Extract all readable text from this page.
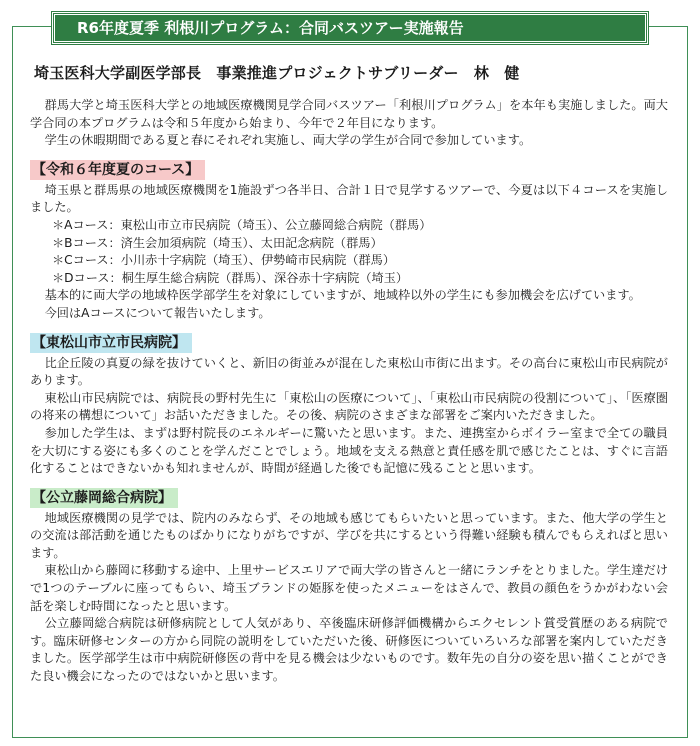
R6年度夏季 利根川プログラム：合同バスツアー実施報告
埼玉医科大学副医学部長　事業推進プロジェクトサブリーダー　林　健

群馬大学と埼玉医科大学との地域医療機関見学合同バスツアー「利根川プログラム」を本年も実施しました。両大学合同の本プログラムは令和５年度から始まり、今年で２年目になります。

学生の休暇期間である夏と春にそれぞれ実施し、両大学の学生が合同で参加しています。

【令和６年度夏のコース】

埼玉県と群馬県の地域医療機関を1施設ずつ各半日、合計１日で見学するツアーで、今夏は以下４コースを実施しました。

＊Aコース：東松山市立市民病院（埼玉）、公立藤岡総合病院（群馬）

＊Bコース：済生会加須病院（埼玉）、太田記念病院（群馬）

＊Cコース：小川赤十字病院（埼玉）、伊勢崎市民病院（群馬）

＊Dコース：桐生厚生総合病院（群馬）、深谷赤十字病院（埼玉）

基本的に両大学の地域枠医学部学生を対象にしていますが、地域枠以外の学生にも参加機会を広げています。

今回はAコースについて報告いたします。

【東松山市立市民病院】

比企丘陵の真夏の緑を抜けていくと、新旧の街並みが混在した東松山市街に出ます。その高台に東松山市民病院があります。

東松山市民病院では、病院長の野村先生に「東松山の医療について」、「東松山市民病院の役割について」、「医療圏の将来の構想について」お話いただきました。その後、病院のさまざまな部署をご案内いただきました。

参加した学生は、まずは野村院長のエネルギーに驚いたと思います。また、連携室からボイラー室まで全ての職員を大切にする姿にも多くのことを学んだことでしょう。地域を支える熱意と責任感を肌で感じたことは、すぐに言語化することはできないかも知れませんが、時間が経過した後でも記憶に残ることと思います。

【公立藤岡総合病院】

地域医療機関の見学では、院内のみならず、その地域も感じてもらいたいと思っています。また、他大学の学生との交流は部活動を通じたものばかりになりがちですが、学びを共にするという得難い経験も積んでもらえればと思います。

東松山から藤岡に移動する途中、上里サービスエリアで両大学の皆さんと一緒にランチをとりました。学生達だけで1つのテーブルに座ってもらい、埼玉ブランドの姫豚を使ったメニューをはさんで、教員の顔色をうかがわない会話を楽しむ時間になったと思います。

公立藤岡総合病院は研修病院として人気があり、卒後臨床研修評価機構からエクセレント賞受賞歴のある病院です。臨床研修センターの方から同院の説明をしていただいた後、研修医についていろいろな部署を案内していただきました。医学部学生は市中病院研修医の背中を見る機会は少ないものです。数年先の自分の姿を思い描くことができた良い機会になったのではないかと思います。
